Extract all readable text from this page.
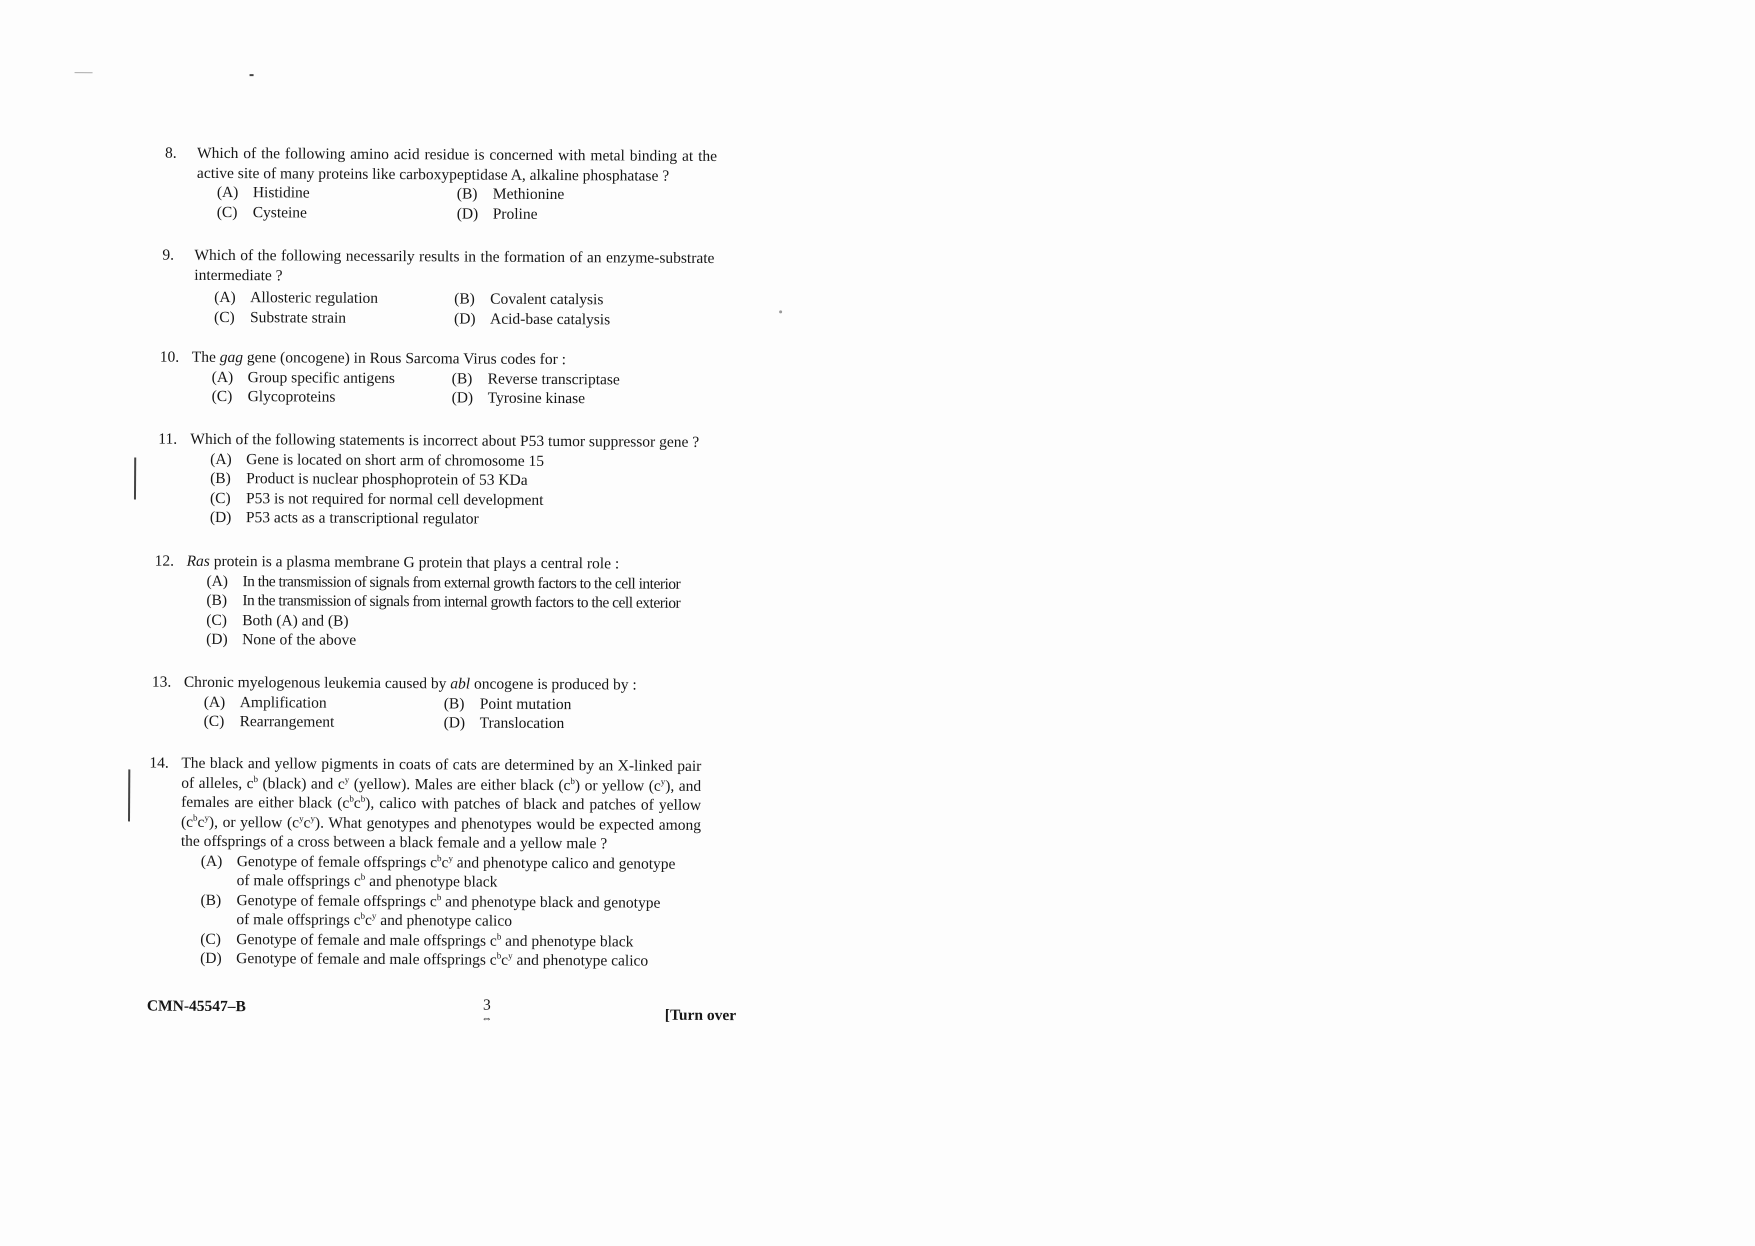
8. Which of the following amino acid residue is concerned with metal binding at the active site of many proteins like carboxypeptidase A, alkaline phosphatase ?
(A) Histidine	(B) Methionine
(C) Cysteine	(D) Proline
9. Which of the following necessarily results in the formation of an enzyme-substrate intermediate ?
(A) Allosteric regulation	(B) Covalent catalysis
(C) Substrate strain	(D) Acid-base catalysis
10. The gag gene (oncogene) in Rous Sarcoma Virus codes for :
(A) Group specific antigens	(B) Reverse transcriptase
(C) Glycoproteins	(D) Tyrosine kinase
11. Which of the following statements is incorrect about P53 tumor suppressor gene ?
(A) Gene is located on short arm of chromosome 15
(B) Product is nuclear phosphoprotein of 53 KDa
(C) P53 is not required for normal cell development
(D) P53 acts as a transcriptional regulator
12. Ras protein is a plasma membrane G protein that plays a central role :
(A) In the transmission of signals from external growth factors to the cell interior
(B) In the transmission of signals from internal growth factors to the cell exterior
(C) Both (A) and (B)
(D) None of the above
13. Chronic myelogenous leukemia caused by abl oncogene is produced by :
(A) Amplification	(B) Point mutation
(C) Rearrangement	(D) Translocation
14. The black and yellow pigments in coats of cats are determined by an X-linked pair of alleles, $c^b$ (black) and $c^y$ (yellow). Males are either black $(c^b)$ or yellow $(c^y)$, and females are either black $(c^bc^b)$, calico with patches of black and patches of yellow $(c^bc^y)$, or yellow $(c^yc^y)$. What genotypes and phenotypes would be expected among the offsprings of a cross between a black female and a yellow male ?
(A) Genotype of female offsprings $c^bc^y$ and phenotype calico and genotype of male offsprings $c^b$ and phenotype black
(B) Genotype of female offsprings $c^b$ and phenotype black and genotype of male offsprings $c^bc^y$ and phenotype calico
(C) Genotype of female and male offsprings $c^b$ and phenotype black
(D) Genotype of female and male offsprings $c^bc^y$ and phenotype calico
CMN-45547–B	3
⇔	[Turn over
